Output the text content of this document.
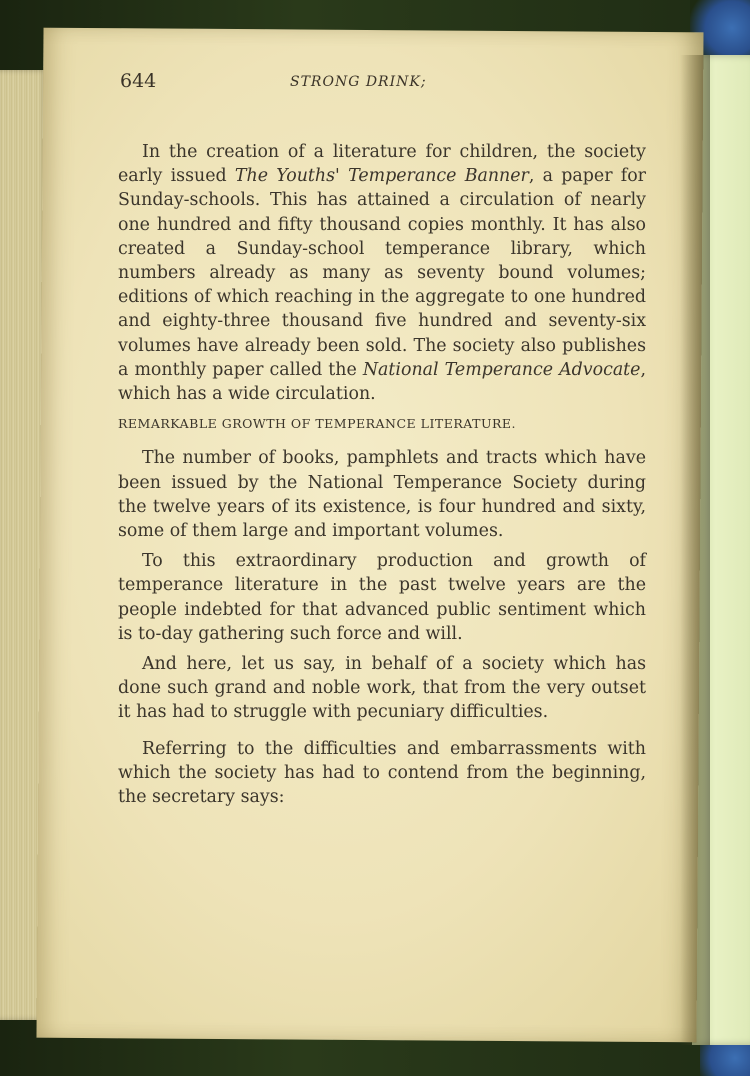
644	STRONG DRINK;

In the creation of a literature for children, the society early issued The Youths' Temperance Banner, a paper for Sunday-schools. This has attained a circulation of nearly one hundred and fifty thousand copies monthly. It has also created a Sunday-school temperance library, which numbers already as many as seventy bound volumes; editions of which reaching in the aggregate to one hundred and eighty-three thousand five hundred and seventy-six volumes have already been sold. The society also publishes a monthly paper called the National Temperance Advocate, which has a wide circulation.

REMARKABLE GROWTH OF TEMPERANCE LITERATURE.

The number of books, pamphlets and tracts which have been issued by the National Temperance Society during the twelve years of its existence, is four hundred and sixty, some of them large and important volumes.

To this extraordinary production and growth of temperance literature in the past twelve years are the people indebted for that advanced public sentiment which is to-day gathering such force and will.

And here, let us say, in behalf of a society which has done such grand and noble work, that from the very outset it has had to struggle with pecuniary difficulties.

Referring to the difficulties and embarrassments with which the society has had to contend from the beginning, the secretary says:
